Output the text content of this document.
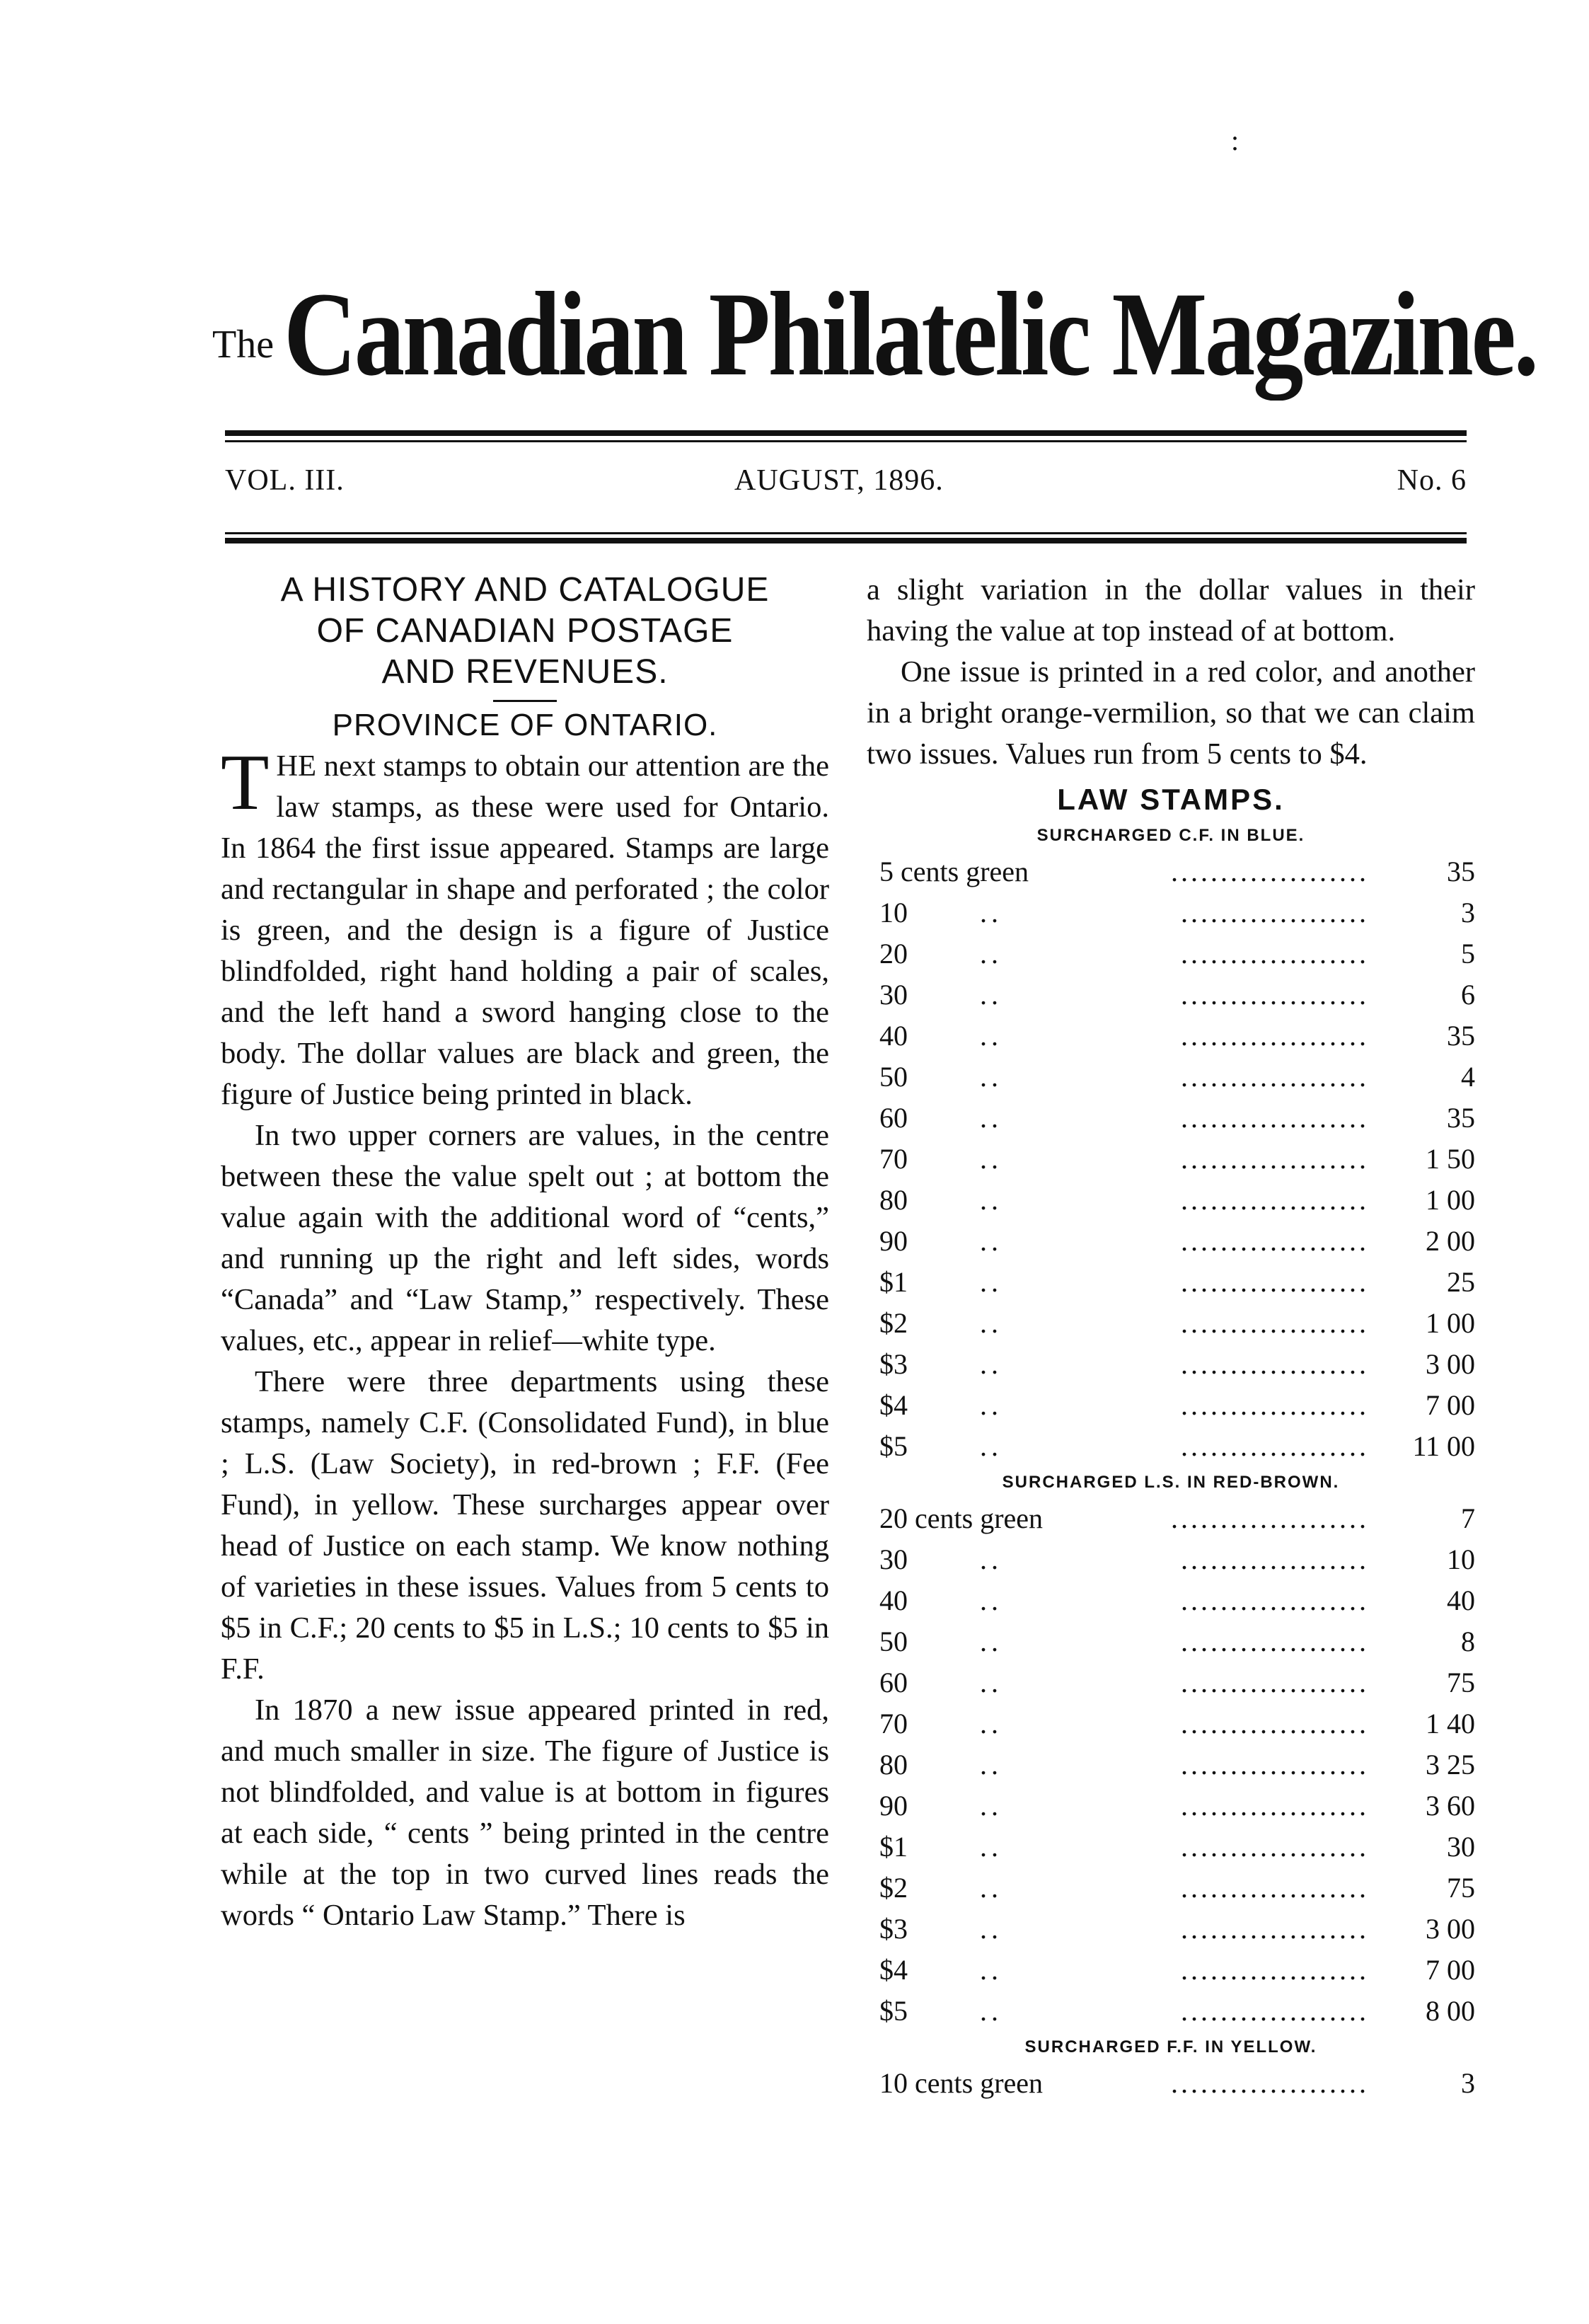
:
TheCanadian Philatelic Magazine.
VOL. III.	AUGUST, 1896.	No. 6
A HISTORY AND CATALOGUE
OF CANADIAN POSTAGE
AND REVENUES.
PROVINCE OF ONTARIO.

THE next stamps to obtain our attention are the law stamps, as these were used for Ontario. In 1864 the first issue appeared. Stamps are large and rectangular in shape and perforated ; the color is green, and the design is a figure of Justice blindfolded, right hand holding a pair of scales, and the left hand a sword hanging close to the body. The dollar values are black and green, the figure of Justice being printed in black.

In two upper corners are values, in the centre between these the value spelt out ; at bottom the value again with the additional word of “cents,” and running up the right and left sides, words “Canada” and “Law Stamp,” respectively. These values, etc., appear in relief—white type.

There were three departments using these stamps, namely C.F. (Consolidated Fund), in blue ; L.S. (Law Society), in red-brown ; F.F. (Fee Fund), in yellow. These surcharges appear over head of Justice on each stamp. We know nothing of varieties in these issues. Values from 5 cents to $5 in C.F.; 20 cents to $5 in L.S.; 10 cents to $5 in F.F.

In 1870 a new issue appeared printed in red, and much smaller in size. The figure of Justice is not blindfolded, and value is at bottom in figures at each side, “ cents ” being printed in the centre while at the top in two curved lines reads the words “ Ontario Law Stamp.” There is

a slight variation in the dollar values in their having the value at top instead of at bottom.

One issue is printed in a red color, and another in a bright orange-vermilion, so that we can claim two issues. Values run from 5 cents to $4.

LAW STAMPS.
SURCHARGED C.F. IN BLUE.
5 cents green	....................	35
10	..	...................	3
20	..	...................	5
30	..	...................	6
40	..	...................	35
50	..	...................	4
60	..	...................	35
70	..	................... 1 50
80	..	................... 1 00
90	..	................... 2 00
$1	..	...................	25
$2	..	................... 1 00
$3	..	................... 3 00
$4	..	................... 7 00
$5	..	................... 11 00
SURCHARGED L.S. IN RED-BROWN.
20 cents green	....................	7
30	..	...................	10
40	..	...................	40
50	..	...................	8
60	..	...................	75
70	..	................... 1 40
80	..	................... 3 25
90	..	................... 3 60
$1	..	...................	30
$2	..	...................	75
$3	..	................... 3 00
$4	..	................... 7 00
$5	..	................... 8 00
SURCHARGED F.F. IN YELLOW.
10 cents green	....................	3
